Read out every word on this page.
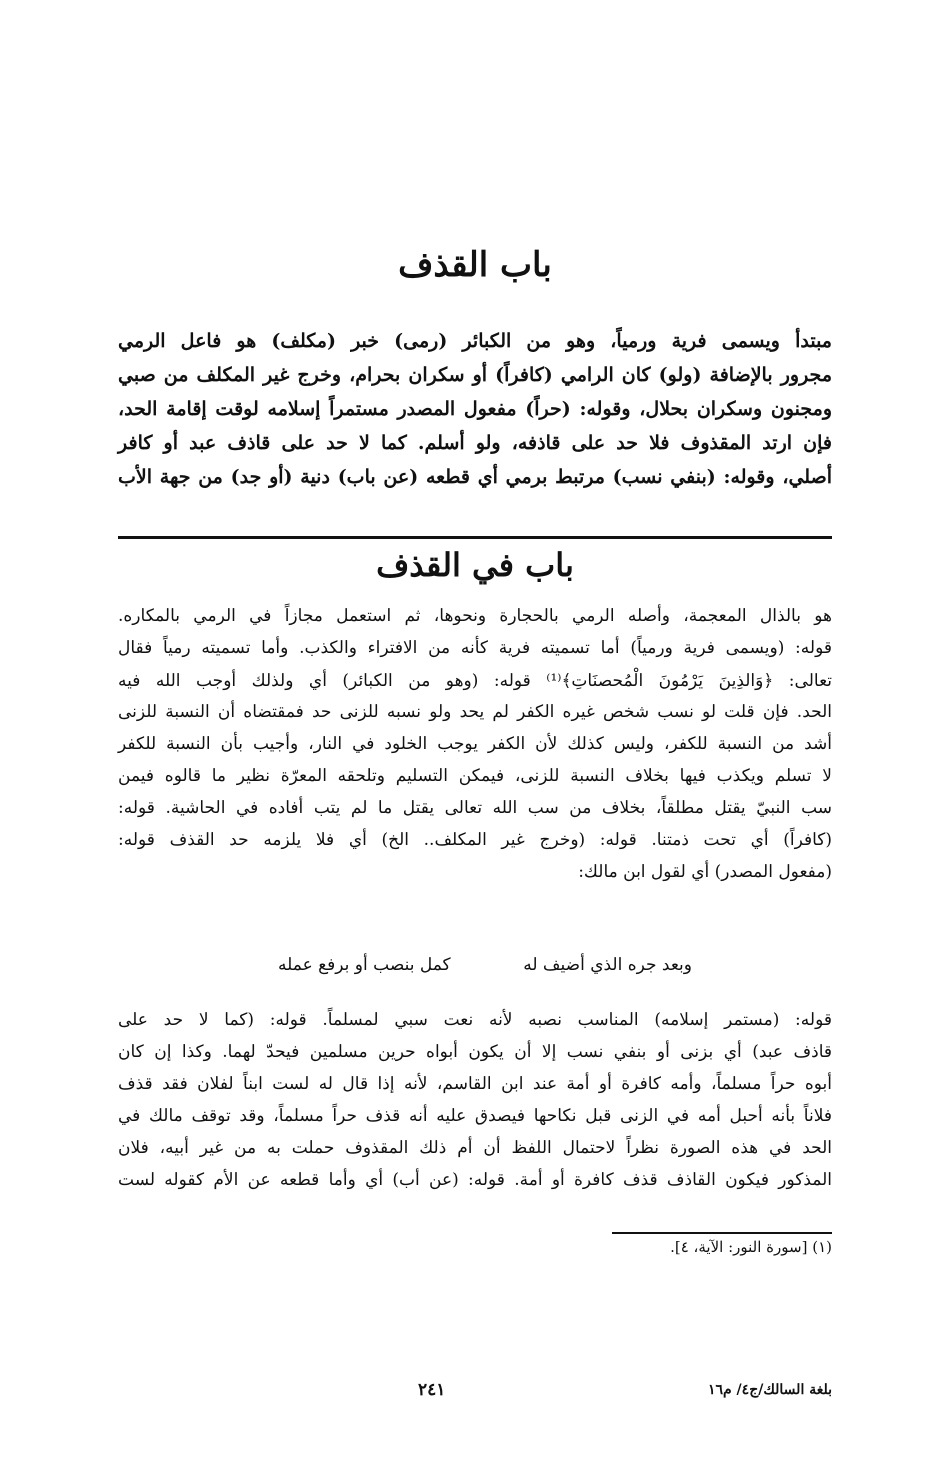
باب القذف
مبتدأ ويسمى فرية ورمياً، وهو من الكبائر (رمى) خبر (مكلف) هو فاعل الرمي
مجرور بالإضافة (ولو) كان الرامي (كافراً) أو سكران بحرام، وخرج غير المكلف من صبي
ومجنون وسكران بحلال، وقوله: (حراً) مفعول المصدر مستمراً إسلامه لوقت إقامة الحد،
فإن ارتد المقذوف فلا حد على قاذفه، ولو أسلم. كما لا حد على قاذف عبد أو كافر
أصلي، وقوله: (بنفي نسب) مرتبط برمي أي قطعه (عن باب) دنية (أو جد) من جهة الأب
باب في القذف
هو بالذال المعجمة، وأصله الرمي بالحجارة ونحوها، ثم استعمل مجازاً في الرمي بالمكاره.
قوله: (ويسمى فرية ورمياً) أما تسميته فرية كأنه من الافتراء والكذب. وأما تسميته رمياً فقال
تعالى: ﴿وَالذِينَ يَرْمُونَ الْمُحصنَاتِ﴾⁽¹⁾ قوله: (وهو من الكبائر) أي ولذلك أوجب الله فيه
الحد. فإن قلت لو نسب شخص غيره الكفر لم يحد ولو نسبه للزنى حد فمقتضاه أن النسبة للزنى
أشد من النسبة للكفر، وليس كذلك لأن الكفر يوجب الخلود في النار، وأجيب بأن النسبة للكفر
لا تسلم ويكذب فيها بخلاف النسبة للزنى، فيمكن التسليم وتلحقه المعرّة نظير ما قالوه فيمن
سب النبيّ يقتل مطلقاً، بخلاف من سب الله تعالى يقتل ما لم يتب أفاده في الحاشية. قوله:
(كافراً) أي تحت ذمتنا. قوله: (وخرج غير المكلف.. الخ) أي فلا يلزمه حد القذف قوله:
(مفعول المصدر) أي لقول ابن مالك:
وبعد جره الذي أضيف له
كمل بنصب أو برفع عمله
قوله: (مستمر إسلامه) المناسب نصبه لأنه نعت سبي لمسلماً. قوله: (كما لا حد على
قاذف عبد) أي بزنى أو بنفي نسب إلا أن يكون أبواه حرين مسلمين فيحدّ لهما. وكذا إن كان
أبوه حراً مسلماً، وأمه كافرة أو أمة عند ابن القاسم، لأنه إذا قال له لست ابناً لفلان فقد قذف
فلاناً بأنه أحبل أمه في الزنى قبل نكاحها فيصدق عليه أنه قذف حراً مسلماً، وقد توقف مالك في
الحد في هذه الصورة نظراً لاحتمال اللفظ أن أم ذلك المقذوف حملت به من غير أبيه، فلان
المذكور فيكون القاذف قذف كافرة أو أمة. قوله: (عن أب) أي وأما قطعه عن الأم كقوله لست
(١) [سورة النور: الآية، ٤].
٢٤١	بلغة السالك/ج٤/ م١٦
